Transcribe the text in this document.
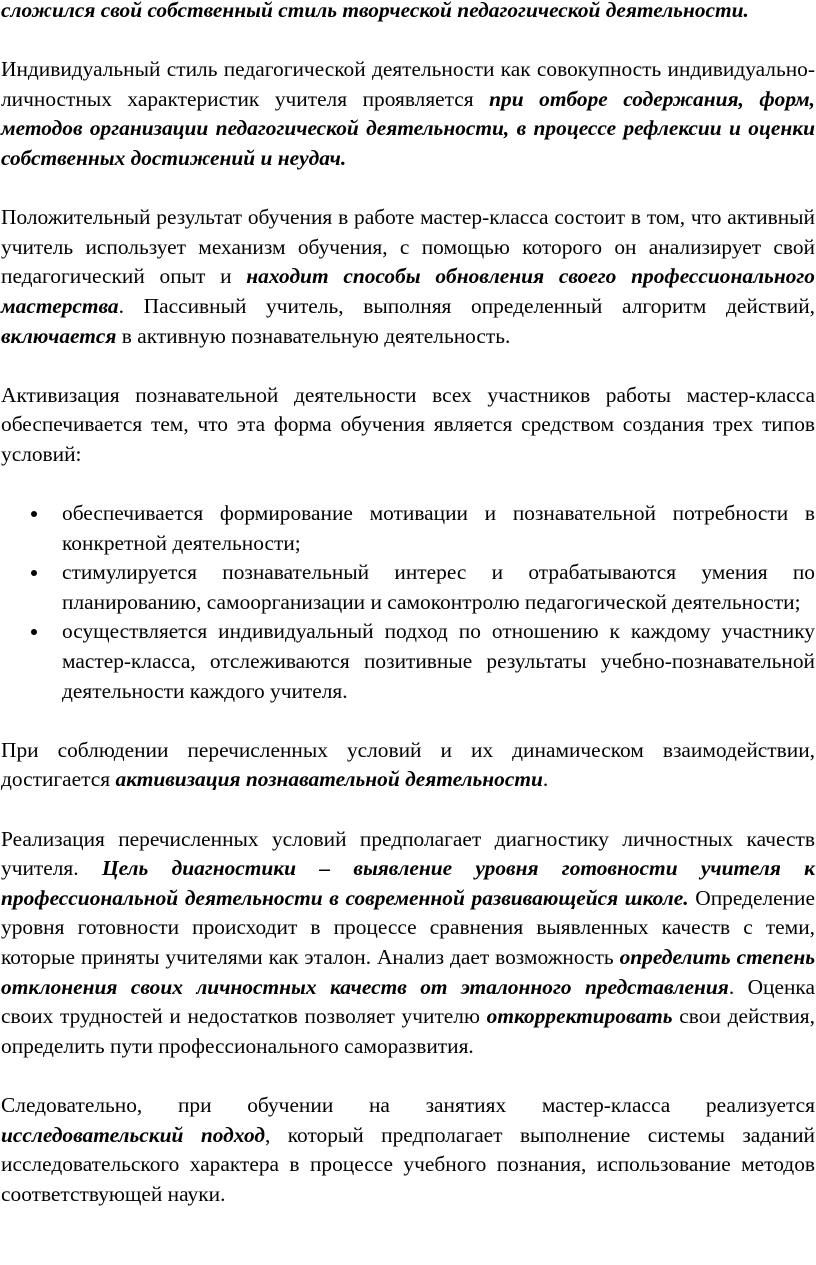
сложился свой собственный стиль творческой педагогической деятельности.

Индивидуальный стиль педагогической деятельности как совокупность индивидуально-личностных характеристик учителя проявляется при отборе содержания, форм, методов организации педагогической деятельности, в процессе рефлексии и оценки собственных достижений и неудач.

Положительный результат обучения в работе мастер-класса состоит в том, что активный учитель использует механизм обучения, с помощью которого он анализирует свой педагогический опыт и находит способы обновления своего профессионального мастерства. Пассивный учитель, выполняя определенный алгоритм действий, включается в активную познавательную деятельность.

Активизация познавательной деятельности всех участников работы мастер-класса обеспечивается тем, что эта форма обучения является средством создания трех типов условий:

обеспечивается формирование мотивации и познавательной потребности в конкретной деятельности;
стимулируется познавательный интерес и отрабатываются умения по планированию, самоорганизации и самоконтролю педагогической деятельности;
осуществляется индивидуальный подход по отношению к каждому участнику мастер-класса, отслеживаются позитивные результаты учебно-познавательной деятельности каждого учителя.

При соблюдении перечисленных условий и их динамическом взаимодействии, достигается активизация познавательной деятельности.

Реализация перечисленных условий предполагает диагностику личностных качеств учителя. Цель диагностики – выявление уровня готовности учителя к профессиональной деятельности в современной развивающейся школе. Определение уровня готовности происходит в процессе сравнения выявленных качеств с теми, которые приняты учителями как эталон. Анализ дает возможность определить степень отклонения своих личностных качеств от эталонного представления. Оценка своих трудностей и недостатков позволяет учителю откорректировать свои действия, определить пути профессионального саморазвития.

Следовательно, при обучении на занятиях мастер-класса реализуется исследовательский подход, который предполагает выполнение системы заданий исследовательского характера в процессе учебного познания, использование методов соответствующей науки.
